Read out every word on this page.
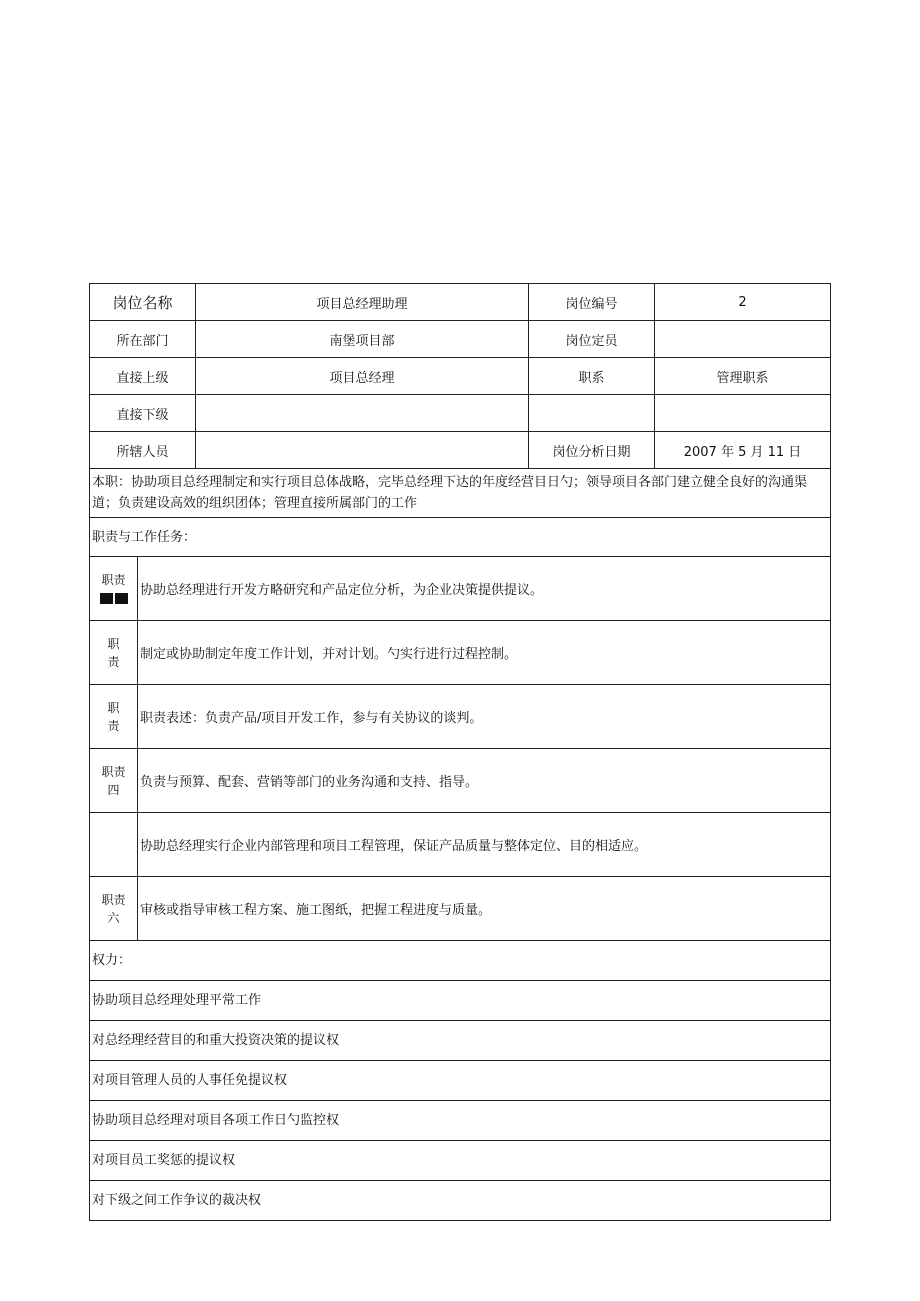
岗位名称		项目总经理助理	岗位编号	2
所在部门		南堡项目部	岗位定员	
直接上级		项目总经理	职系	管理职系
直接下级				
所辖人员			岗位分析日期	2007 年 5 月 11 日
本职：协助项目总经理制定和实行项目总体战略，完毕总经理下达的年度经营目日勺；领导项目各部门建立健全良好的沟通渠道；负责建设高效的组织团体；管理直接所属部门的工作				
职责与工作任务：				

职责	协助总经理进行开发方略研究和产品定位分析，为企业决策提供提议。			

职
责	制定或协助制定年度工作计划，并对计划。勺实行进行过程控制。			

职
责	职责表述：负责产品/项目开发工作，参与有关协议的谈判。			

职责
四	负责与预算、配套、营销等部门的业务沟通和支持、指导。			

	协助总经理实行企业内部管理和项目工程管理，保证产品质量与整体定位、目的相适应。			

职责
六	审核或指导审核工程方案、施工图纸，把握工程进度与质量。			
权力：				
协助项目总经理处理平常工作				
对总经理经营目的和重大投资决策的提议权				
对项目管理人员的人事任免提议权				
协助项目总经理对项目各项工作日勺监控权				
对项目员工奖惩的提议权				
对下级之间工作争议的裁决权				
